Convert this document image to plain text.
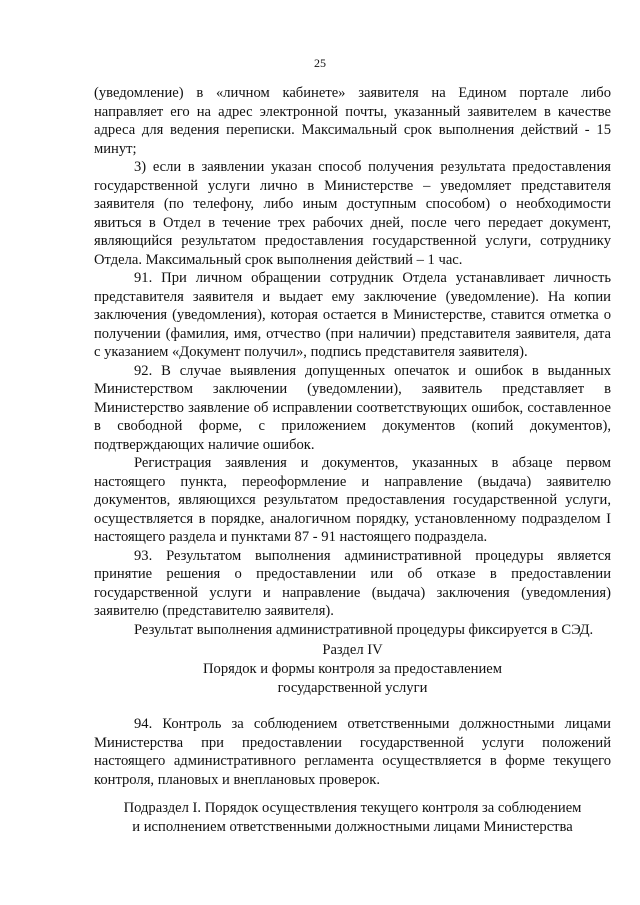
25

(уведомление) в «личном кабинете» заявителя на Едином портале либо направляет его на адрес электронной почты, указанный заявителем в качестве адреса для ведения переписки. Максимальный срок выполнения действий - 15 минут;

3) если в заявлении указан способ получения результата предоставления государственной услуги лично в Министерстве – уведомляет представителя заявителя (по телефону, либо иным доступным способом) о необходимости явиться в Отдел в течение трех рабочих дней, после чего передает документ, являющийся результатом предоставления государственной услуги, сотруднику Отдела. Максимальный срок выполнения действий – 1 час.

91. При личном обращении сотрудник Отдела устанавливает личность представителя заявителя и выдает ему заключение (уведомление). На копии заключения (уведомления), которая остается в Министерстве, ставится отметка о получении (фамилия, имя, отчество (при наличии) представителя заявителя, дата с указанием «Документ получил», подпись представителя заявителя).

92. В случае выявления допущенных опечаток и ошибок в выданных Министерством заключении (уведомлении), заявитель представляет в Министерство заявление об исправлении соответствующих ошибок, составленное в свободной форме, с приложением документов (копий документов), подтверждающих наличие ошибок.

Регистрация заявления и документов, указанных в абзаце первом настоящего пункта, переоформление и направление (выдача) заявителю документов, являющихся результатом предоставления государственной услуги, осуществляется в порядке, аналогичном порядку, установленному подразделом I настоящего раздела и пунктами 87 - 91 настоящего подраздела.

93. Результатом выполнения административной процедуры является принятие решения о предоставлении или об отказе в предоставлении государственной услуги и направление (выдача) заключения (уведомления) заявителю (представителю заявителя).

Результат выполнения административной процедуры фиксируется в СЭД.

Раздел IV
Порядок и формы контроля за предоставлением
государственной услуги

94. Контроль за соблюдением ответственными должностными лицами Министерства при предоставлении государственной услуги положений настоящего административного регламента осуществляется в форме текущего контроля, плановых и внеплановых проверок.

Подраздел I. Порядок осуществления текущего контроля за соблюдением
и исполнением ответственными должностными лицами Министерства
